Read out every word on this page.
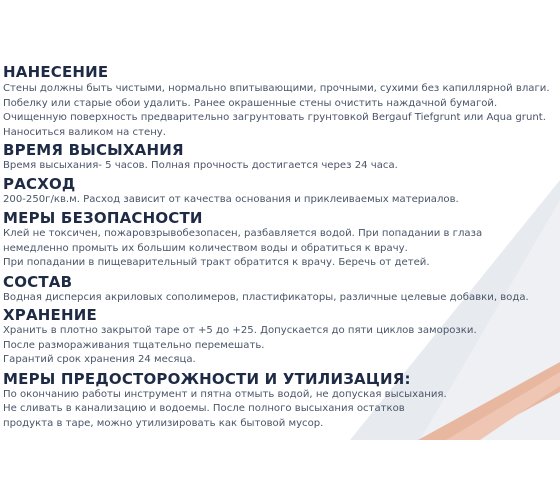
НАНЕСЕНИЕ
Стены должны быть чистыми, нормально впитывающими, прочными, сухими без капиллярной влаги.
Побелку или старые обои удалить. Ранее окрашенные стены очистить наждачной бумагой.
Очищенную поверхность предварительно загрунтовать грунтовкой Bergauf Tiefgrunt или Aqua grunt.
Наноситься валиком на стену.
ВРЕМЯ ВЫСЫХАНИЯ
Время высыхания- 5 часов. Полная прочность достигается через 24 часа.
РАСХОД
200-250г/кв.м. Расход зависит от качества основания и приклеиваемых материалов.
МЕРЫ БЕЗОПАСНОСТИ
Клей не токсичен, пожаровзрывобезопасен, разбавляется водой. При попадании в глаза
немедленно промыть их большим количеством воды и обратиться к врачу.
При попадании в пищеварительный тракт обратится к врачу. Беречь от детей.
СОСТАВ
Водная дисперсия акриловых сополимеров, пластификаторы, различные целевые добавки, вода.
ХРАНЕНИЕ
Хранить в плотно закрытой таре от +5 до +25. Допускается до пяти циклов заморозки.
После размораживания тщательно перемешать.
Гарантий срок хранения 24 месяца.
МЕРЫ ПРЕДОСТОРОЖНОСТИ И УТИЛИЗАЦИЯ:
По окончанию работы инструмент и пятна отмыть водой, не допуская высыхания.
Не сливать в канализацию и водоемы. После полного высыхания остатков
продукта в таре, можно утилизировать как бытовой мусор.
